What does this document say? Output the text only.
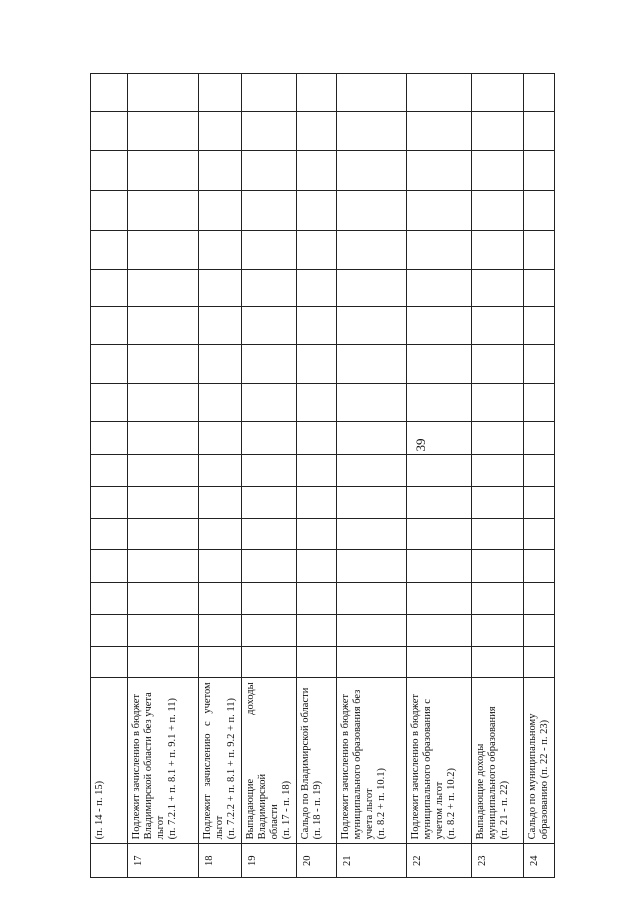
39

	(п. 14 - п. 15)																	

17	Подлежит зачислению в бюджет Владимирской области без учета льгот (п. 7.2.1 + п. 8.1 + п. 9.1 + п. 11)																	

18	Подлежит зачислению с учетом льгот (п. 7.2.2 + п. 8.1 + п. 9.2 + п. 11)																	

19	Выпадающие доходы Владимирской области (п. 17 - п. 18)																	

20	Сальдо по Владимирской области (п. 18 - п. 19)																	

21	Подлежит зачислению в бюджет муниципального образования без учета льгот (п. 8.2 + п. 10.1)																	

22	Подлежит зачислению в бюджет муниципального образования с учетом льгот (п. 8.2 + п. 10.2)																	

23	Выпадающие доходы муниципального образования (п. 21 - п. 22)																	

24	Сальдо по муниципальному образованию (п. 22 - п. 23)																	
